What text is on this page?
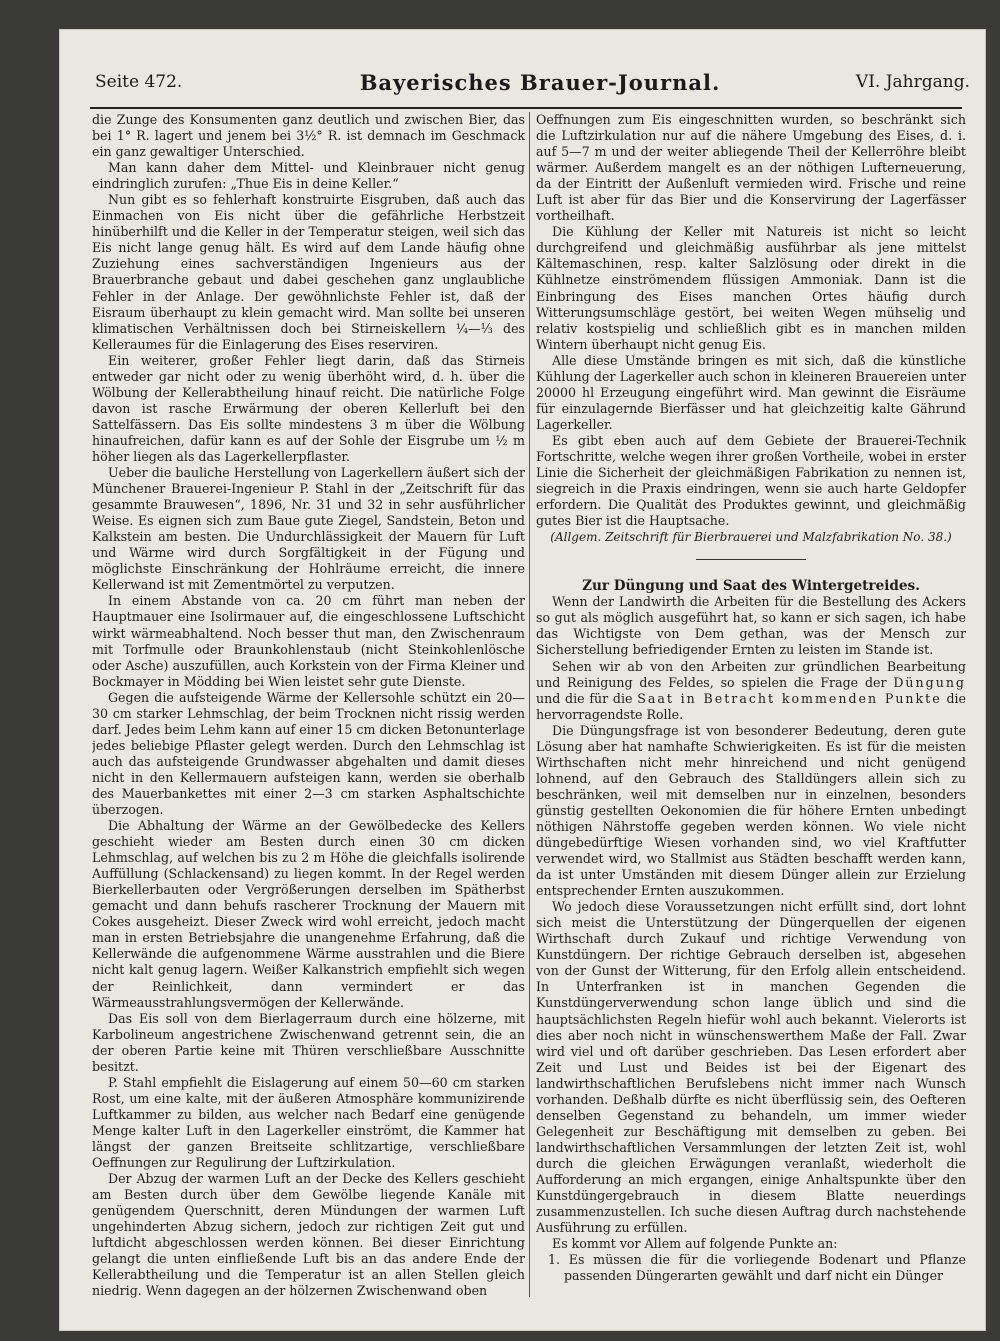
Seite 472.	Bayerisches Brauer-Journal.	VI. Jahrgang.

die Zunge des Konsumenten ganz deutlich und zwischen Bier, das bei 1° R. lagert und jenem bei 3½° R. ist demnach im Geschmack ein ganz gewaltiger Unterschied.

Man kann daher dem Mittel- und Kleinbrauer nicht genug eindringlich zurufen: „Thue Eis in deine Keller.“

Nun gibt es so fehlerhaft konstruirte Eisgruben, daß auch das Einmachen von Eis nicht über die gefährliche Herbstzeit hinüberhilft und die Keller in der Temperatur steigen, weil sich das Eis nicht lange genug hält. Es wird auf dem Lande häufig ohne Zuziehung eines sachverständigen Ingenieurs aus der Brauerbranche gebaut und dabei geschehen ganz unglaubliche Fehler in der Anlage. Der gewöhnlichste Fehler ist, daß der Eisraum überhaupt zu klein gemacht wird. Man sollte bei unseren klimatischen Verhältnissen doch bei Stirneiskellern ¼—⅓ des Kelleraumes für die Einlagerung des Eises reserviren.

Ein weiterer, großer Fehler liegt darin, daß das Stirneis entweder gar nicht oder zu wenig überhöht wird, d. h. über die Wölbung der Kellerabtheilung hinauf reicht. Die natürliche Folge davon ist rasche Erwärmung der oberen Kellerluft bei den Sattelfässern. Das Eis sollte mindestens 3 m über die Wölbung hinaufreichen, dafür kann es auf der Sohle der Eisgrube um ½ m höher liegen als das Lagerkellerpflaster.

Ueber die bauliche Herstellung von Lagerkellern äußert sich der Münchener Brauerei-Ingenieur P. Stahl in der „Zeitschrift für das gesammte Brauwesen“, 1896, Nr. 31 und 32 in sehr ausführlicher Weise. Es eignen sich zum Baue gute Ziegel, Sandstein, Beton und Kalkstein am besten. Die Undurchlässigkeit der Mauern für Luft und Wärme wird durch Sorgfältigkeit in der Fügung und möglichste Einschränkung der Hohlräume erreicht, die innere Kellerwand ist mit Zementmörtel zu verputzen.

In einem Abstande von ca. 20 cm führt man neben der Hauptmauer eine Isolirmauer auf, die eingeschlossene Luftschicht wirkt wärmeabhaltend. Noch besser thut man, den Zwischenraum mit Torfmulle oder Braunkohlenstaub (nicht Steinkohlenlösche oder Asche) auszufüllen, auch Korkstein von der Firma Kleiner und Bockmayer in Mödding bei Wien leistet sehr gute Dienste.

Gegen die aufsteigende Wärme der Kellersohle schützt ein 20—30 cm starker Lehmschlag, der beim Trocknen nicht rissig werden darf. Jedes beim Lehm kann auf einer 15 cm dicken Betonunterlage jedes beliebige Pflaster gelegt werden. Durch den Lehmschlag ist auch das aufsteigende Grundwasser abgehalten und damit dieses nicht in den Kellermauern aufsteigen kann, werden sie oberhalb des Mauerbankettes mit einer 2—3 cm starken Asphaltschichte überzogen.

Die Abhaltung der Wärme an der Gewölbedecke des Kellers geschieht wieder am Besten durch einen 30 cm dicken Lehmschlag, auf welchen bis zu 2 m Höhe die gleichfalls isolirende Auffüllung (Schlackensand) zu liegen kommt. In der Regel werden Bierkellerbauten oder Vergrößerungen derselben im Spätherbst gemacht und dann behufs rascherer Trocknung der Mauern mit Cokes ausgeheizt. Dieser Zweck wird wohl erreicht, jedoch macht man in ersten Betriebsjahre die unangenehme Erfahrung, daß die Kellerwände die aufgenommene Wärme ausstrahlen und die Biere nicht kalt genug lagern. Weißer Kalkanstrich empfiehlt sich wegen der Reinlichkeit, dann vermindert er das Wärmeausstrahlungsvermögen der Kellerwände.

Das Eis soll von dem Bierlagerraum durch eine hölzerne, mit Karbolineum angestrichene Zwischenwand getrennt sein, die an der oberen Partie keine mit Thüren verschließbare Ausschnitte besitzt.

P. Stahl empfiehlt die Eislagerung auf einem 50—60 cm starken Rost, um eine kalte, mit der äußeren Atmosphäre kommunizirende Luftkammer zu bilden, aus welcher nach Bedarf eine genügende Menge kalter Luft in den Lagerkeller einströmt, die Kammer hat längst der ganzen Breitseite schlitzartige, verschließbare Oeffnungen zur Regulirung der Luftzirkulation.

Der Abzug der warmen Luft an der Decke des Kellers geschieht am Besten durch über dem Gewölbe liegende Kanäle mit genügendem Querschnitt, deren Mündungen der warmen Luft ungehinderten Abzug sichern, jedoch zur richtigen Zeit gut und luftdicht abgeschlossen werden können. Bei dieser Einrichtung gelangt die unten einfließende Luft bis an das andere Ende der Kellerabtheilung und die Temperatur ist an allen Stellen gleich niedrig. Wenn dagegen an der hölzernen Zwischenwand oben

Oeffnungen zum Eis eingeschnitten wurden, so beschränkt sich die Luftzirkulation nur auf die nähere Umgebung des Eises, d. i. auf 5—7 m und der weiter abliegende Theil der Kellerröhre bleibt wärmer. Außerdem mangelt es an der nöthigen Lufterneuerung, da der Eintritt der Außenluft vermieden wird. Frische und reine Luft ist aber für das Bier und die Konservirung der Lagerfässer vortheilhaft.

Die Kühlung der Keller mit Natureis ist nicht so leicht durchgreifend und gleichmäßig ausführbar als jene mittelst Kältemaschinen, resp. kalter Salzlösung oder direkt in die Kühlnetze einströmendem flüssigen Ammoniak. Dann ist die Einbringung des Eises manchen Ortes häufig durch Witterungsumschläge gestört, bei weiten Wegen mühselig und relativ kostspielig und schließlich gibt es in manchen milden Wintern überhaupt nicht genug Eis.

Alle diese Umstände bringen es mit sich, daß die künstliche Kühlung der Lagerkeller auch schon in kleineren Brauereien unter 20000 hl Erzeugung eingeführt wird. Man gewinnt die Eisräume für einzulagernde Bierfässer und hat gleichzeitig kalte Gährund Lagerkeller.

Es gibt eben auch auf dem Gebiete der Brauerei-Technik Fortschritte, welche wegen ihrer großen Vortheile, wobei in erster Linie die Sicherheit der gleichmäßigen Fabrikation zu nennen ist, siegreich in die Praxis eindringen, wenn sie auch harte Geldopfer erfordern. Die Qualität des Produktes gewinnt, und gleichmäßig gutes Bier ist die Hauptsache.

(Allgem. Zeitschrift für Bierbrauerei und Malzfabrikation No. 38.)

Zur Düngung und Saat des Wintergetreides.

Wenn der Landwirth die Arbeiten für die Bestellung des Ackers so gut als möglich ausgeführt hat, so kann er sich sagen, ich habe das Wichtigste von Dem gethan, was der Mensch zur Sicherstellung befriedigender Ernten zu leisten im Stande ist.

Sehen wir ab von den Arbeiten zur gründlichen Bearbeitung und Reinigung des Feldes, so spielen die Frage der Düngung und die für die Saat in Betracht kommenden Punkte die hervorragendste Rolle.

Die Düngungsfrage ist von besonderer Bedeutung, deren gute Lösung aber hat namhafte Schwierigkeiten. Es ist für die meisten Wirthschaften nicht mehr hinreichend und nicht genügend lohnend, auf den Gebrauch des Stalldüngers allein sich zu beschränken, weil mit demselben nur in einzelnen, besonders günstig gestellten Oekonomien die für höhere Ernten unbedingt nöthigen Nährstoffe gegeben werden können. Wo viele nicht düngebedürftige Wiesen vorhanden sind, wo viel Kraftfutter verwendet wird, wo Stallmist aus Städten beschafft werden kann, da ist unter Umständen mit diesem Dünger allein zur Erzielung entsprechender Ernten auszukommen.

Wo jedoch diese Voraussetzungen nicht erfüllt sind, dort lohnt sich meist die Unterstützung der Düngerquellen der eigenen Wirthschaft durch Zukauf und richtige Verwendung von Kunstdüngern. Der richtige Gebrauch derselben ist, abgesehen von der Gunst der Witterung, für den Erfolg allein entscheidend. In Unterfranken ist in manchen Gegenden die Kunstdüngerverwendung schon lange üblich und sind die hauptsächlichsten Regeln hiefür wohl auch bekannt. Vielerorts ist dies aber noch nicht in wünschenswerthem Maße der Fall. Zwar wird viel und oft darüber geschrieben. Das Lesen erfordert aber Zeit und Lust und Beides ist bei der Eigenart des landwirthschaftlichen Berufslebens nicht immer nach Wunsch vorhanden. Deßhalb dürfte es nicht überflüssig sein, des Oefteren denselben Gegenstand zu behandeln, um immer wieder Gelegenheit zur Beschäftigung mit demselben zu geben. Bei landwirthschaftlichen Versammlungen der letzten Zeit ist, wohl durch die gleichen Erwägungen veranlaßt, wiederholt die Aufforderung an mich ergangen, einige Anhaltspunkte über den Kunstdüngergebrauch in diesem Blatte neuerdings zusammenzustellen. Ich suche diesen Auftrag durch nachstehende Ausführung zu erfüllen.

Es kommt vor Allem auf folgende Punkte an:

1. Es müssen die für die vorliegende Bodenart und Pflanze passenden Düngerarten gewählt und darf nicht ein Dünger
